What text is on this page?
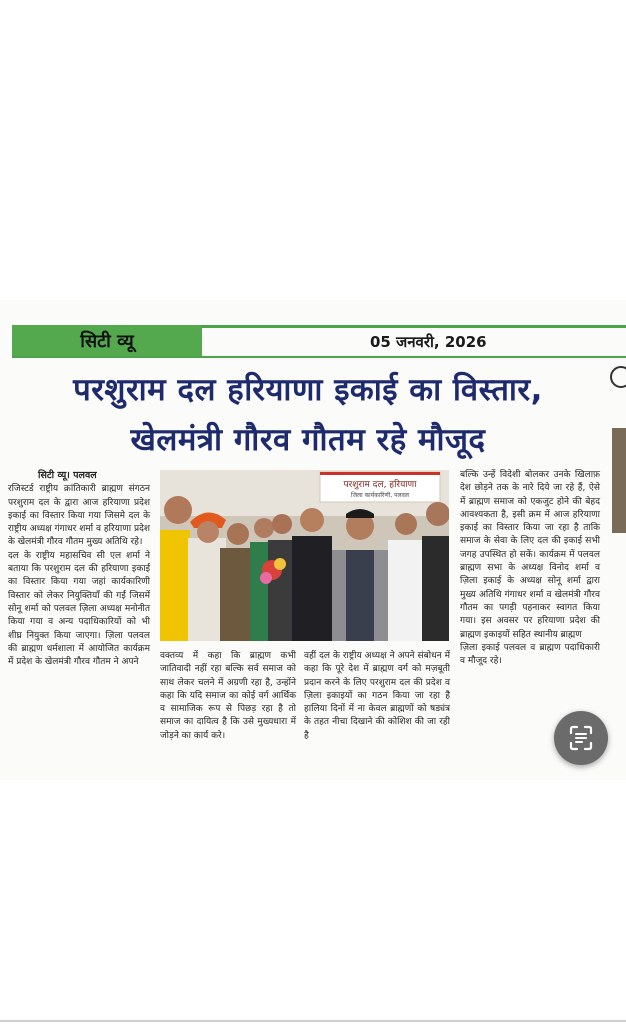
सिटी व्यू	05 जनवरी, 2026
परशुराम दल हरियाणा इकाई का विस्तार,
खेलमंत्री गौरव गौतम रहे मौजूद

सिटी व्यू। पलवल

रजिस्टर्ड राष्ट्रीय क्रांतिकारी ब्राह्मण संगठन परशुराम दल के द्वारा आज हरियाणा प्रदेश इकाई का विस्तार किया गया जिसमे दल के राष्ट्रीय अध्यक्ष गंगाधर शर्मा व हरियाणा प्रदेश के खेलमंत्री गौरव गौतम मुख्य अतिथि रहे।

दल के राष्ट्रीय महासचिव सी एल शर्मा ने बताया कि परशुराम दल की हरियाणा इकाई का विस्तार किया गया जहां कार्यकारिणी विस्तार को लेकर नियुक्तियाँ की गईं जिसमें सोनू शर्मा को पलवल ज़िला अध्यक्ष मनोनीत किया गया व अन्य पदाधिकारियों को भी शीघ्र नियुक्त किया जाएगा। ज़िला पलवल की ब्राह्मण धर्मशाला में आयोजित कार्यक्रम में प्रदेश के खेलमंत्री गौरव गौतम ने अपने

परशुराम दल, हरियाणा
जिला कार्यकारिणी, पलवल

वक्तव्य में कहा कि ब्राह्मण कभी जातिवादी नहीं रहा बल्कि सर्व समाज को साथ लेकर चलने में अग्रणी रहा है, उन्होंने कहा कि यदि समाज का कोई वर्ग आर्थिक व सामाजिक रूप से पिछड़ रहा है तो समाज का दायित्व है कि उसे मुख्यधारा में जोड़ने का कार्य करे।

वहीं दल के राष्ट्रीय अध्यक्ष ने अपने संबोधन में कहा कि पूरे देश में ब्राह्मण वर्ग को मज़बूती प्रदान करने के लिए परशुराम दल की प्रदेश व ज़िला इकाइयों का गठन किया जा रहा है हालिया दिनों में ना केवल ब्राह्मणों को षड्यंत्र के तहत नीचा दिखाने की कोशिश की जा रही है

बल्कि उन्हें विदेशी बोलकर उनके खिलाफ़ देश छोड़ने तक के नारे दिये जा रहे हैं, ऐसे में ब्राह्मण समाज को एकजुट होने की बेहद आवश्यकता है, इसी क्रम में आज हरियाणा इकाई का विस्तार किया जा रहा है ताकि समाज के सेवा के लिए दल की इकाई सभी जगह उपस्थित हो सकें। कार्यक्रम में पलवल ब्राह्मण सभा के अध्यक्ष विनोद शर्मा व ज़िला इकाई के अध्यक्ष सोनू शर्मा द्वारा मुख्य अतिथि गंगाधर शर्मा व खेलमंत्री गौरव गौतम का पगड़ी पहनाकर स्वागत किया गया। इस अवसर पर हरियाणा प्रदेश की ब्राह्मण इकाइयों सहित स्थानीय ब्राह्मण

ज़िला इकाई पलवल व ब्राह्मण पदाधिकारी व मौजूद रहे।
